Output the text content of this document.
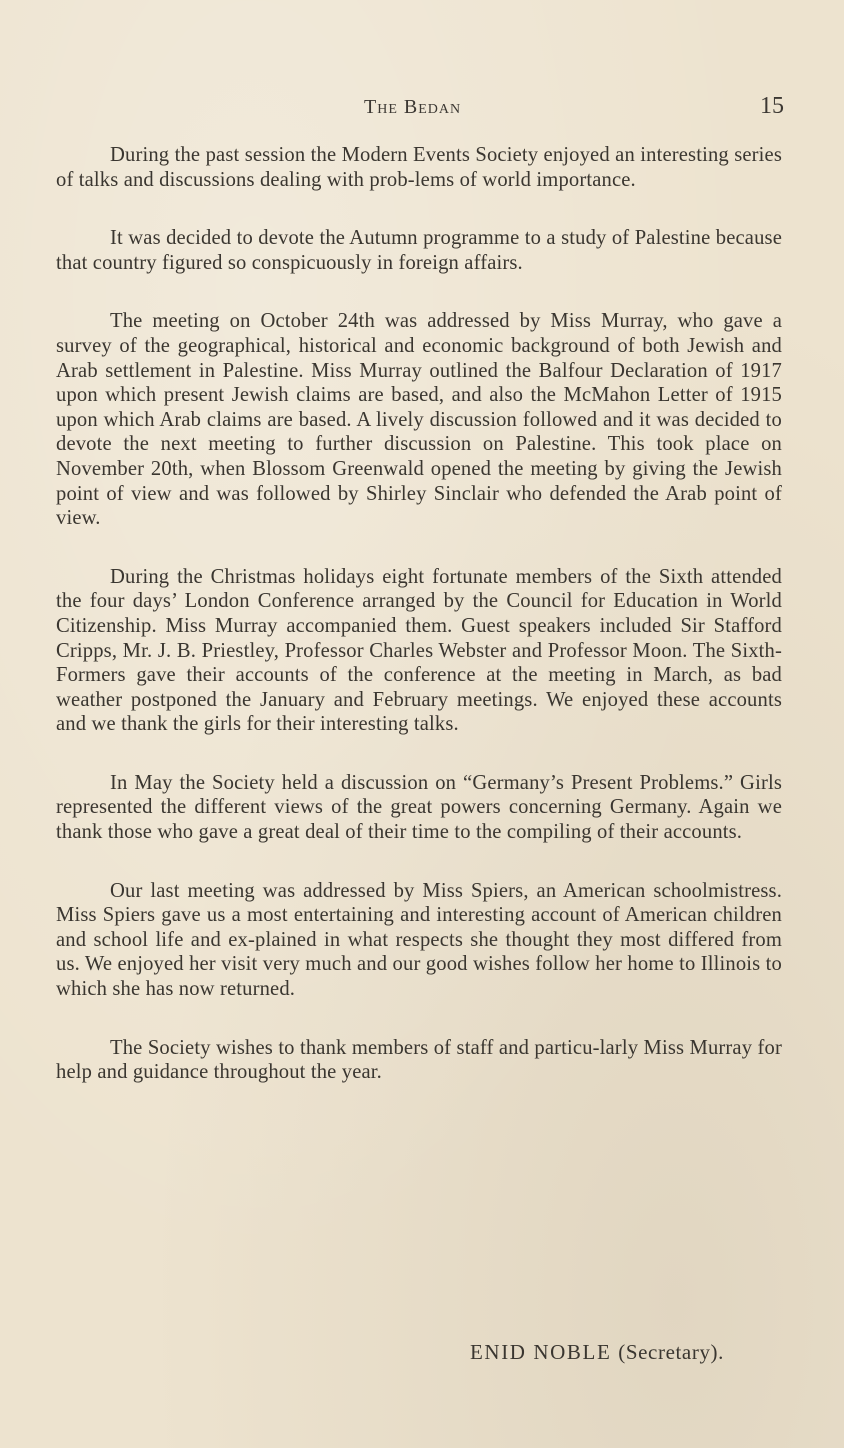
The Bedan	15

During the past session the Modern Events Society enjoyed an interesting series of talks and discussions dealing with prob-lems of world importance.

It was decided to devote the Autumn programme to a study of Palestine because that country figured so conspicuously in foreign affairs.

The meeting on October 24th was addressed by Miss Murray, who gave a survey of the geographical, historical and economic background of both Jewish and Arab settlement in Palestine. Miss Murray outlined the Balfour Declaration of 1917 upon which present Jewish claims are based, and also the McMahon Letter of 1915 upon which Arab claims are based. A lively discussion followed and it was decided to devote the next meeting to further discussion on Palestine. This took place on November 20th, when Blossom Greenwald opened the meeting by giving the Jewish point of view and was followed by Shirley Sinclair who defended the Arab point of view.

During the Christmas holidays eight fortunate members of the Sixth attended the four days’ London Conference arranged by the Council for Education in World Citizenship. Miss Murray accompanied them. Guest speakers included Sir Stafford Cripps, Mr. J. B. Priestley, Professor Charles Webster and Professor Moon. The Sixth-Formers gave their accounts of the conference at the meeting in March, as bad weather postponed the January and February meetings. We enjoyed these accounts and we thank the girls for their interesting talks.

In May the Society held a discussion on “Germany’s Present Problems.” Girls represented the different views of the great powers concerning Germany. Again we thank those who gave a great deal of their time to the compiling of their accounts.

Our last meeting was addressed by Miss Spiers, an American schoolmistress. Miss Spiers gave us a most entertaining and interesting account of American children and school life and ex-plained in what respects she thought they most differed from us. We enjoyed her visit very much and our good wishes follow her home to Illinois to which she has now returned.

The Society wishes to thank members of staff and particu-larly Miss Murray for help and guidance throughout the year.

ENID NOBLE (Secretary).
